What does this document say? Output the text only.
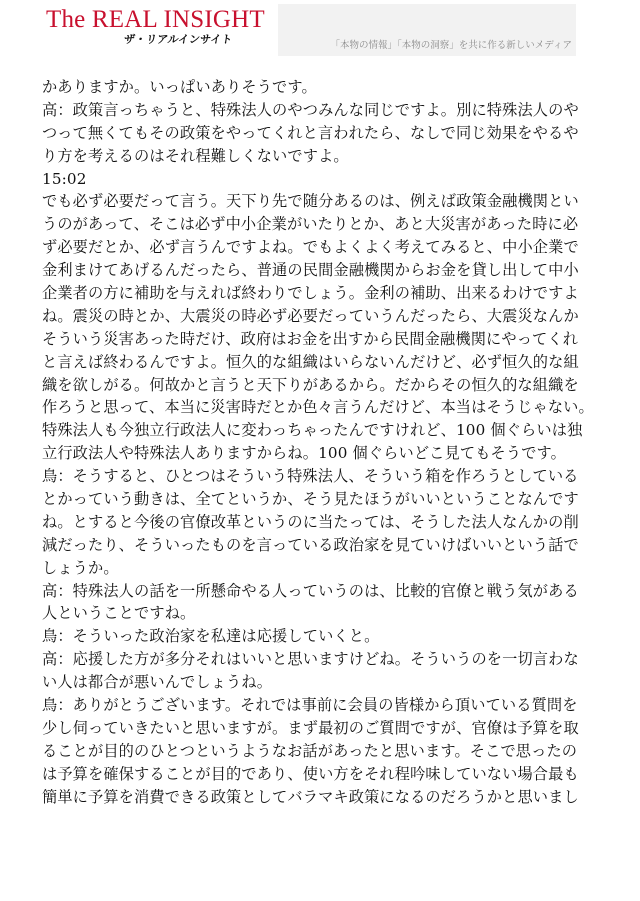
The REAL INSIGHT
ザ・リアルインサイト	「本物の情報」「本物の洞察」を共に作る新しいメディア
かありますか。いっぱいありそうです。
高：政策言っちゃうと、特殊法人のやつみんな同じですよ。別に特殊法人のや
つって無くてもその政策をやってくれと言われたら、なしで同じ効果をやるや
り方を考えるのはそれ程難しくないですよ。
15:02
でも必ず必要だって言う。天下り先で随分あるのは、例えば政策金融機関とい
うのがあって、そこは必ず中小企業がいたりとか、あと大災害があった時に必
ず必要だとか、必ず言うんですよね。でもよくよく考えてみると、中小企業で
金利まけてあげるんだったら、普通の民間金融機関からお金を貸し出して中小
企業者の方に補助を与えれば終わりでしょう。金利の補助、出来るわけですよ
ね。震災の時とか、大震災の時必ず必要だっていうんだったら、大震災なんか
そういう災害あった時だけ、政府はお金を出すから民間金融機関にやってくれ
と言えば終わるんですよ。恒久的な組織はいらないんだけど、必ず恒久的な組
織を欲しがる。何故かと言うと天下りがあるから。だからその恒久的な組織を
作ろうと思って、本当に災害時だとか色々言うんだけど、本当はそうじゃない。
特殊法人も今独立行政法人に変わっちゃったんですけれど、100 個ぐらいは独
立行政法人や特殊法人ありますからね。100 個ぐらいどこ見てもそうです。
鳥：そうすると、ひとつはそういう特殊法人、そういう箱を作ろうとしている
とかっていう動きは、全てというか、そう見たほうがいいということなんです
ね。とすると今後の官僚改革というのに当たっては、そうした法人なんかの削
減だったり、そういったものを言っている政治家を見ていけばいいという話で
しょうか。
高：特殊法人の話を一所懸命やる人っていうのは、比較的官僚と戦う気がある
人ということですね。
鳥：そういった政治家を私達は応援していくと。
高：応援した方が多分それはいいと思いますけどね。そういうのを一切言わな
い人は都合が悪いんでしょうね。
鳥：ありがとうございます。それでは事前に会員の皆様から頂いている質問を
少し伺っていきたいと思いますが。まず最初のご質問ですが、官僚は予算を取
ることが目的のひとつというようなお話があったと思います。そこで思ったの
は予算を確保することが目的であり、使い方をそれ程吟味していない場合最も
簡単に予算を消費できる政策としてバラマキ政策になるのだろうかと思いまし
